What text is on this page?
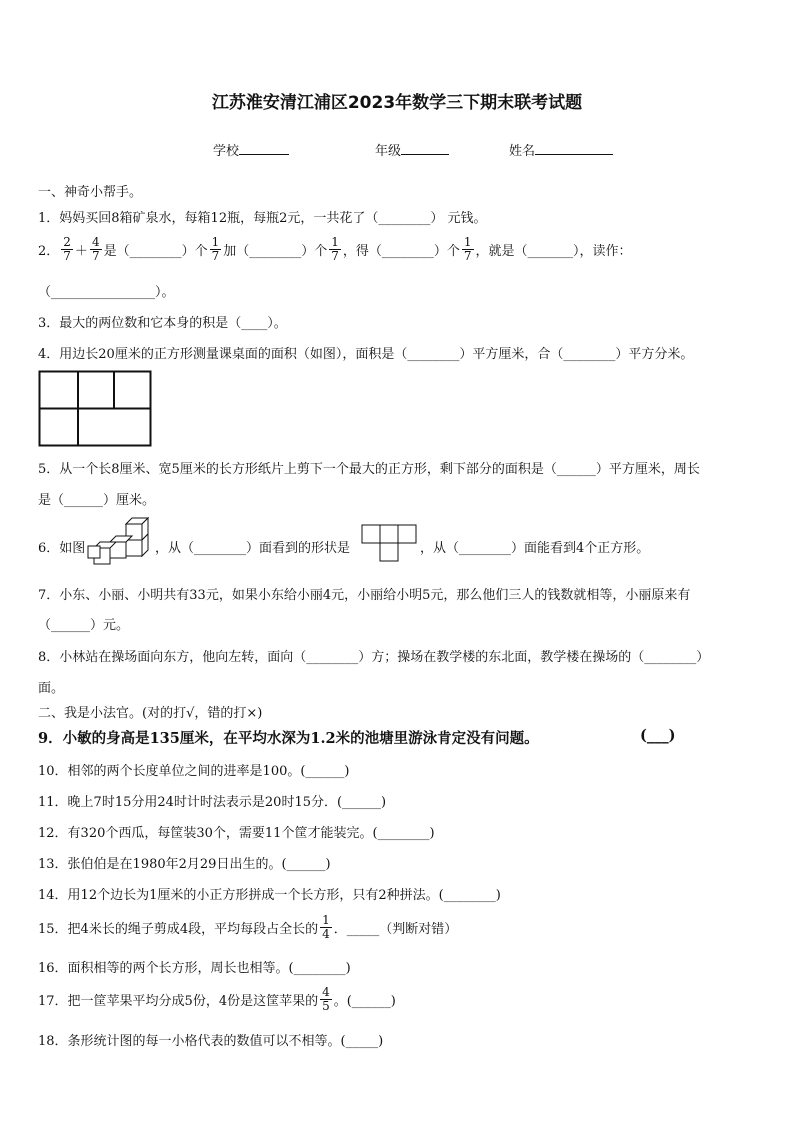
江苏淮安清江浦区2023年数学三下期末联考试题
学校	年级	姓名
一、神奇小帮手。
1．妈妈买回8箱矿泉水，每箱12瓶，每瓶2元，一共花了（________） 元钱。
2． $\frac{2}{7} + \frac{4}{7}$ 是（________）个 $\frac{1}{7}$ 加（________）个 $\frac{1}{7}$ ，得（________）个 $\frac{1}{7}$ ，就是（_______），读作：
（________________）。
3．最大的两位数和它本身的积是（____）。
4．用边长20厘米的正方形测量课桌面的面积（如图），面积是（________）平方厘米，合（________）平方分米。
5．从一个长8厘米、宽5厘米的长方形纸片上剪下一个最大的正方形，剩下部分的面积是（______）平方厘米，周长
是（______）厘米。
6．如图	，从（________）面看到的形状是	，从（________）面能看到4个正方形。
7．小东、小丽、小明共有33元，如果小东给小丽4元，小丽给小明5元，那么他们三人的钱数就相等，小丽原来有
（______）元。
8．小林站在操场面向东方，他向左转，面向（________）方；操场在教学楼的东北面，教学楼在操场的（________）
面。
二、我是小法官。(对的打√，错的打×)
9．小敏的身高是135厘米，在平均水深为1.2米的池塘里游泳肯定没有问题。	(___)
10．相邻的两个长度单位之间的进率是100。(______)
11．晚上7时15分用24时计时法表示是20时15分．(______)
12．有320个西瓜，每筐装30个，需要11个筐才能装完。(________)
13．张伯伯是在1980年2月29日出生的。(______)
14．用12个边长为1厘米的小正方形拼成一个长方形，只有2种拼法。(________)
15．把4米长的绳子剪成4段，平均每段占全长的 $\frac{1}{4}$ ．_____（判断对错）
16．面积相等的两个长方形，周长也相等。(________)
17．把一筐苹果平均分成5份，4份是这筐苹果的 $\frac{4}{5}$ 。(______)
18．条形统计图的每一小格代表的数值可以不相等。(_____)
